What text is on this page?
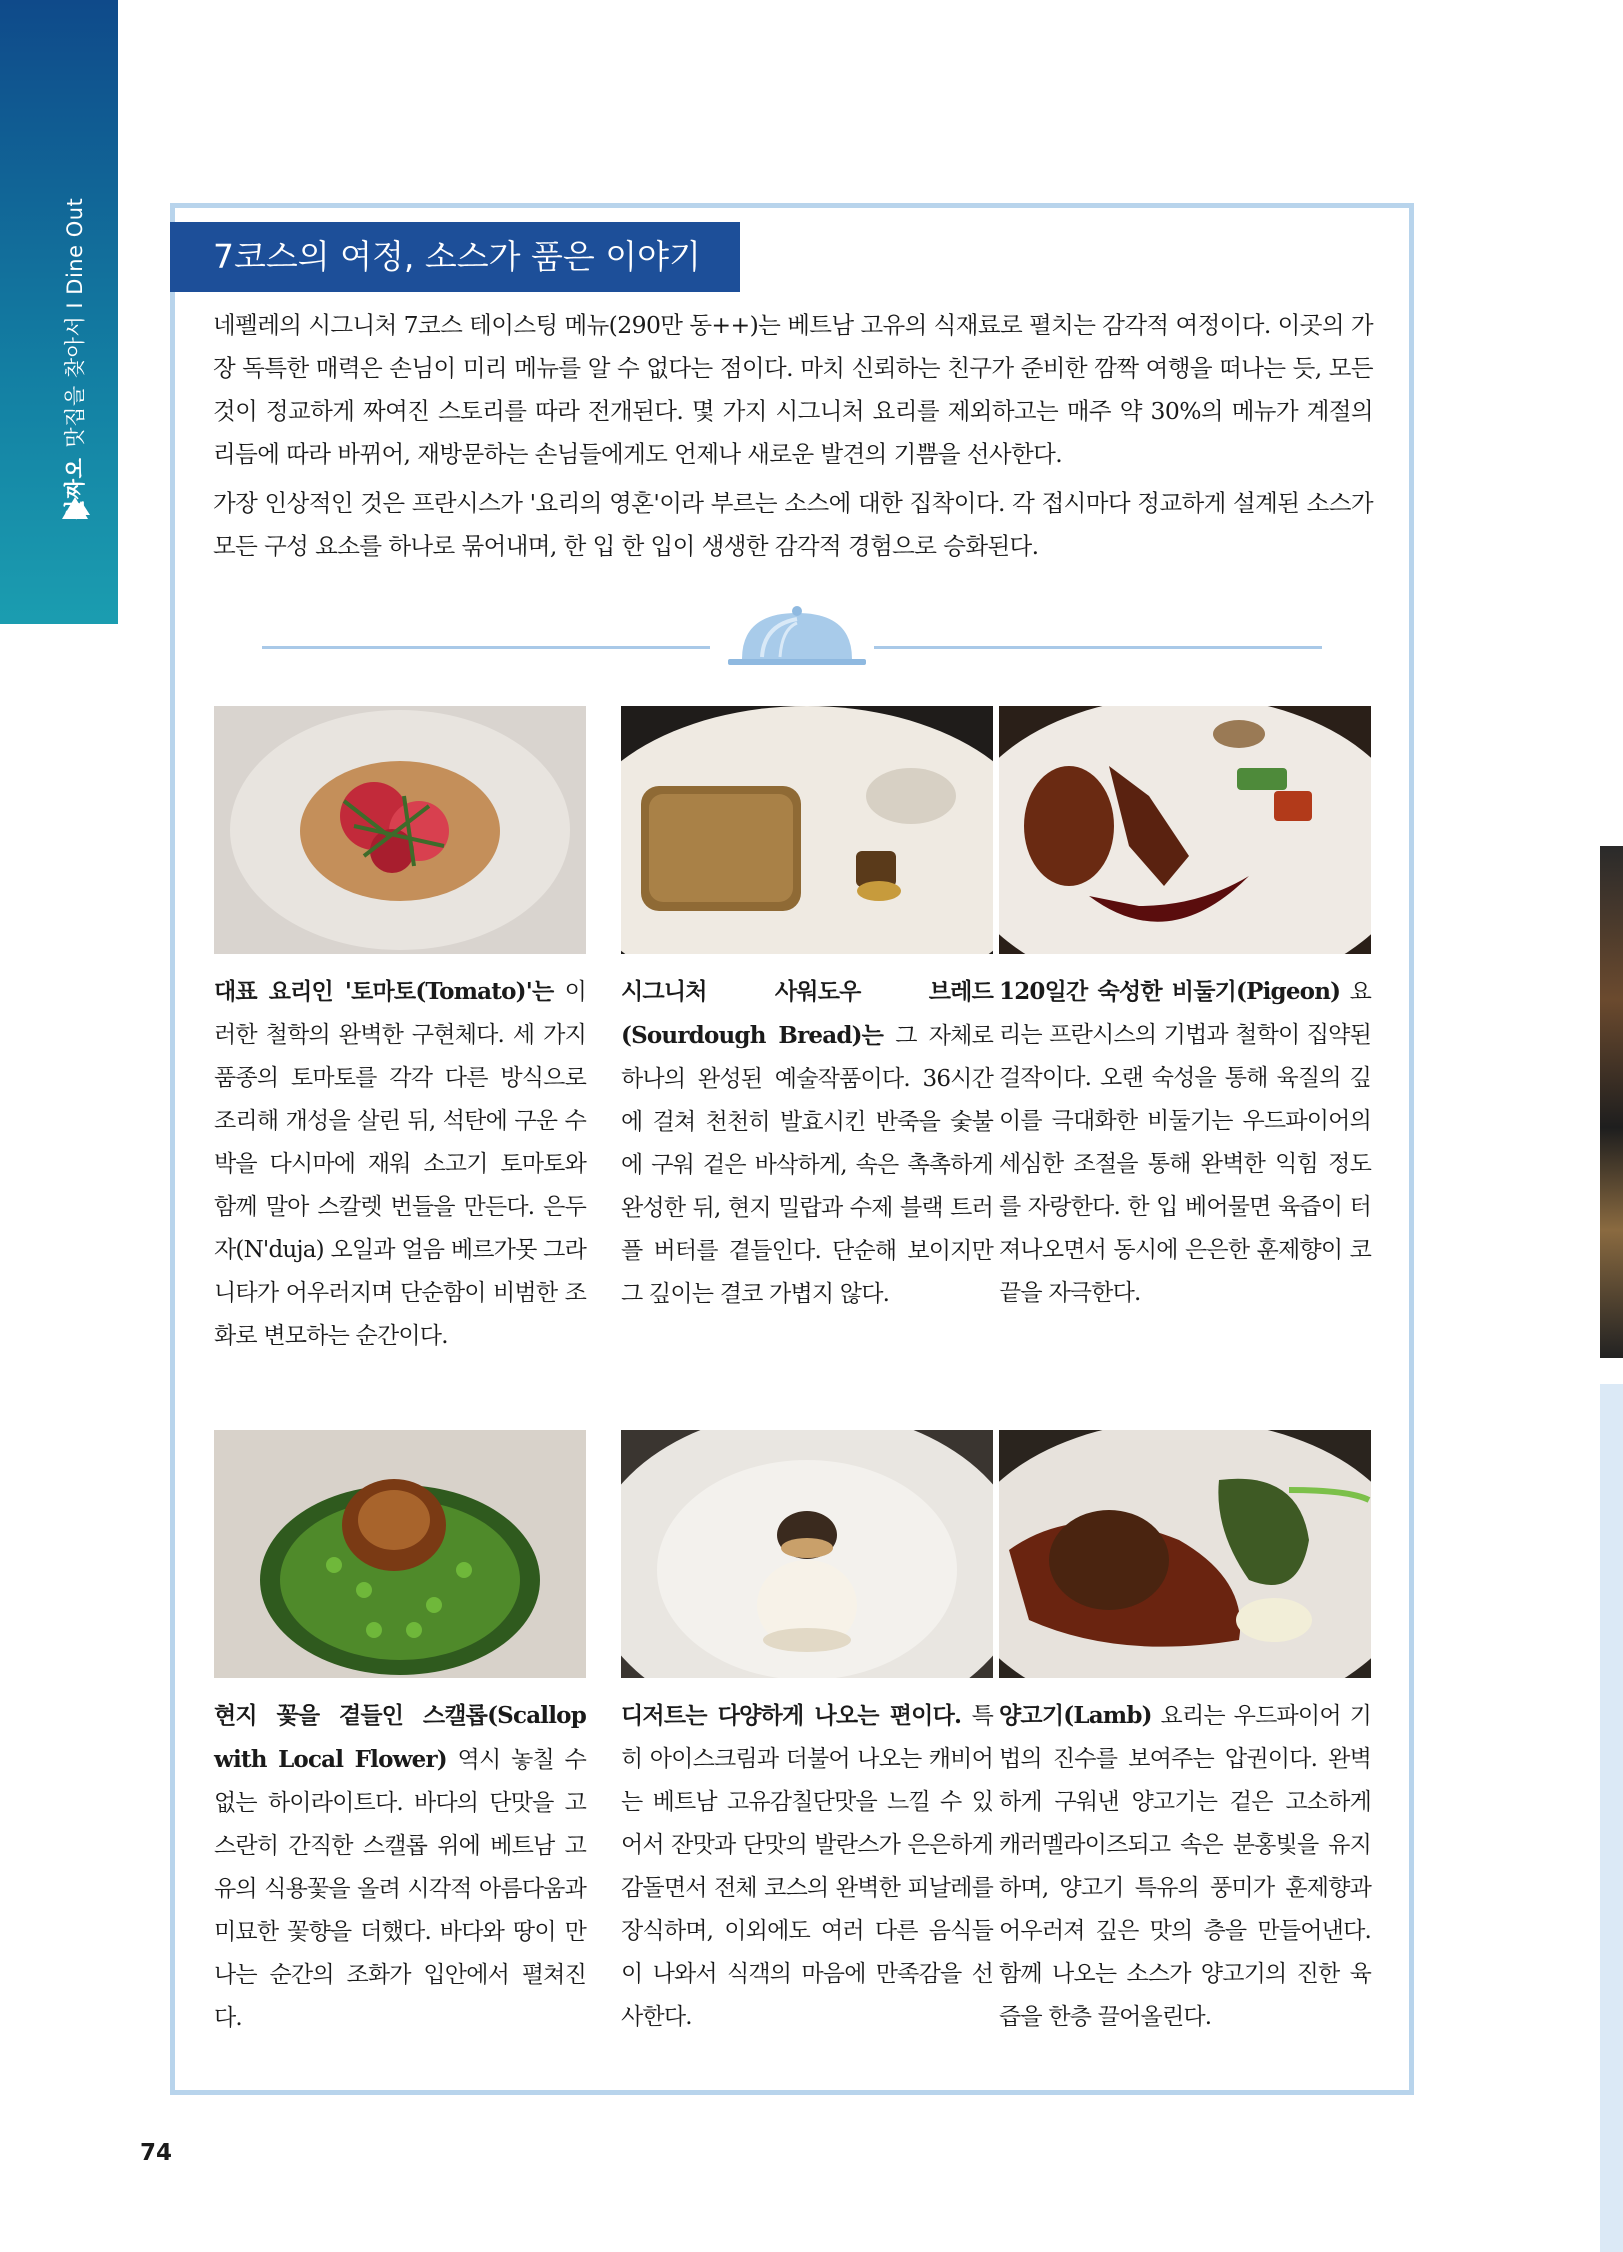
신짜오
맛집을 찾아서 I Dine Out	7코스의 여정, 소스가 품은 이야기

네펠레의 시그니처 7코스 테이스팅 메뉴(290만 동++)는 베트남 고유의 식재료로 펼치는 감각적 여정이다. 이곳의 가장 독특한 매력은 손님이 미리 메뉴를 알 수 없다는 점이다. 마치 신뢰하는 친구가 준비한 깜짝 여행을 떠나는 듯, 모든 것이 정교하게 짜여진 스토리를 따라 전개된다. 몇 가지 시그니처 요리를 제외하고는 매주 약 30%의 메뉴가 계절의 리듬에 따라 바뀌어, 재방문하는 손님들에게도 언제나 새로운 발견의 기쁨을 선사한다.

가장 인상적인 것은 프란시스가 '요리의 영혼'이라 부르는 소스에 대한 집착이다. 각 접시마다 정교하게 설계된 소스가 모든 구성 요소를 하나로 묶어내며, 한 입 한 입이 생생한 감각적 경험으로 승화된다.

대표 요리인 '토마토(Tomato)'는 이러한 철학의 완벽한 구현체다. 세 가지 품종의 토마토를 각각 다른 방식으로 조리해 개성을 살린 뒤, 석탄에 구운 수박을 다시마에 재워 소고기 토마토와 함께 말아 스칼렛 번들을 만든다. 은두자(N'duja) 오일과 얼음 베르가못 그라니타가 어우러지며 단순함이 비범한 조화로 변모하는 순간이다.

시그니처 사워도우 브레드(Sourdough Bread)는 그 자체로 하나의 완성된 예술작품이다. 36시간에 걸쳐 천천히 발효시킨 반죽을 숯불에 구워 겉은 바삭하게, 속은 촉촉하게 완성한 뒤, 현지 밀랍과 수제 블랙 트러플 버터를 곁들인다. 단순해 보이지만 그 깊이는 결코 가볍지 않다.

120일간 숙성한 비둘기(Pigeon) 요리는 프란시스의 기법과 철학이 집약된 걸작이다. 오랜 숙성을 통해 육질의 깊이를 극대화한 비둘기는 우드파이어의 세심한 조절을 통해 완벽한 익힘 정도를 자랑한다. 한 입 베어물면 육즙이 터져나오면서 동시에 은은한 훈제향이 코끝을 자극한다.

현지 꽃을 곁들인 스캘롭(Scallop with Local Flower) 역시 놓칠 수 없는 하이라이트다. 바다의 단맛을 고스란히 간직한 스캘롭 위에 베트남 고유의 식용꽃을 올려 시각적 아름다움과 미묘한 꽃향을 더했다. 바다와 땅이 만나는 순간의 조화가 입안에서 펼쳐진다.

디저트는 다양하게 나오는 편이다. 특히 아이스크림과 더불어 나오는 캐비어는 베트남 고유감칠단맛을 느낄 수 있어서 잔맛과 단맛의 발란스가 은은하게 감돌면서 전체 코스의 완벽한 피날레를 장식하며, 이외에도 여러 다른 음식들이 나와서 식객의 마음에 만족감을 선사한다.

양고기(Lamb) 요리는 우드파이어 기법의 진수를 보여주는 압권이다. 완벽하게 구워낸 양고기는 겉은 고소하게 캐러멜라이즈되고 속은 분홍빛을 유지하며, 양고기 특유의 풍미가 훈제향과 어우러져 깊은 맛의 층을 만들어낸다. 함께 나오는 소스가 양고기의 진한 육즙을 한층 끌어올린다.

74
